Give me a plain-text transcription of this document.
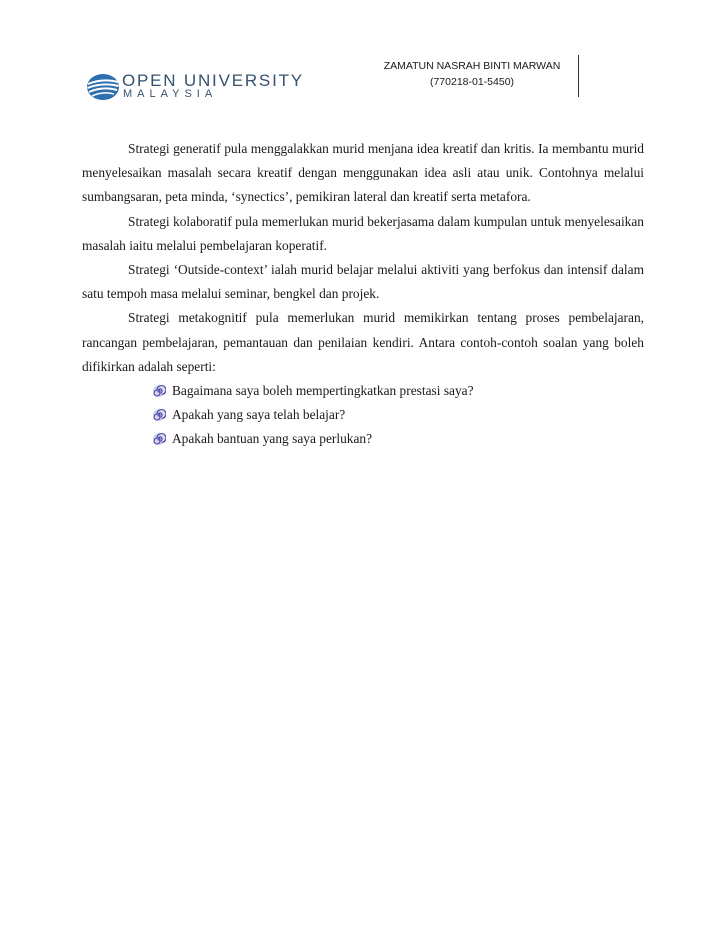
OPEN UNIVERSITY
MALAYSIA
ZAMATUN NASRAH BINTI MARWAN
(770218-01-5450)

Strategi generatif pula menggalakkan murid menjana idea kreatif dan kritis. Ia membantu murid menyelesaikan masalah secara kreatif dengan menggunakan idea asli atau unik. Contohnya melalui sumbangsaran, peta minda, ‘synectics’, pemikiran lateral dan kreatif serta metafora.

Strategi kolaboratif pula memerlukan murid bekerjasama dalam kumpulan untuk menyelesaikan masalah iaitu melalui pembelajaran koperatif.

Strategi ‘Outside-context’ ialah murid belajar melalui aktiviti yang berfokus dan intensif dalam satu tempoh masa melalui seminar, bengkel dan projek.

Strategi metakognitif pula memerlukan murid memikirkan tentang proses pembelajaran, rancangan pembelajaran, pemantauan dan penilaian kendiri. Antara contoh-contoh soalan yang boleh difikirkan adalah seperti:

Bagaimana saya boleh mempertingkatkan prestasi saya?
Apakah yang saya telah belajar?
Apakah bantuan yang saya perlukan?
